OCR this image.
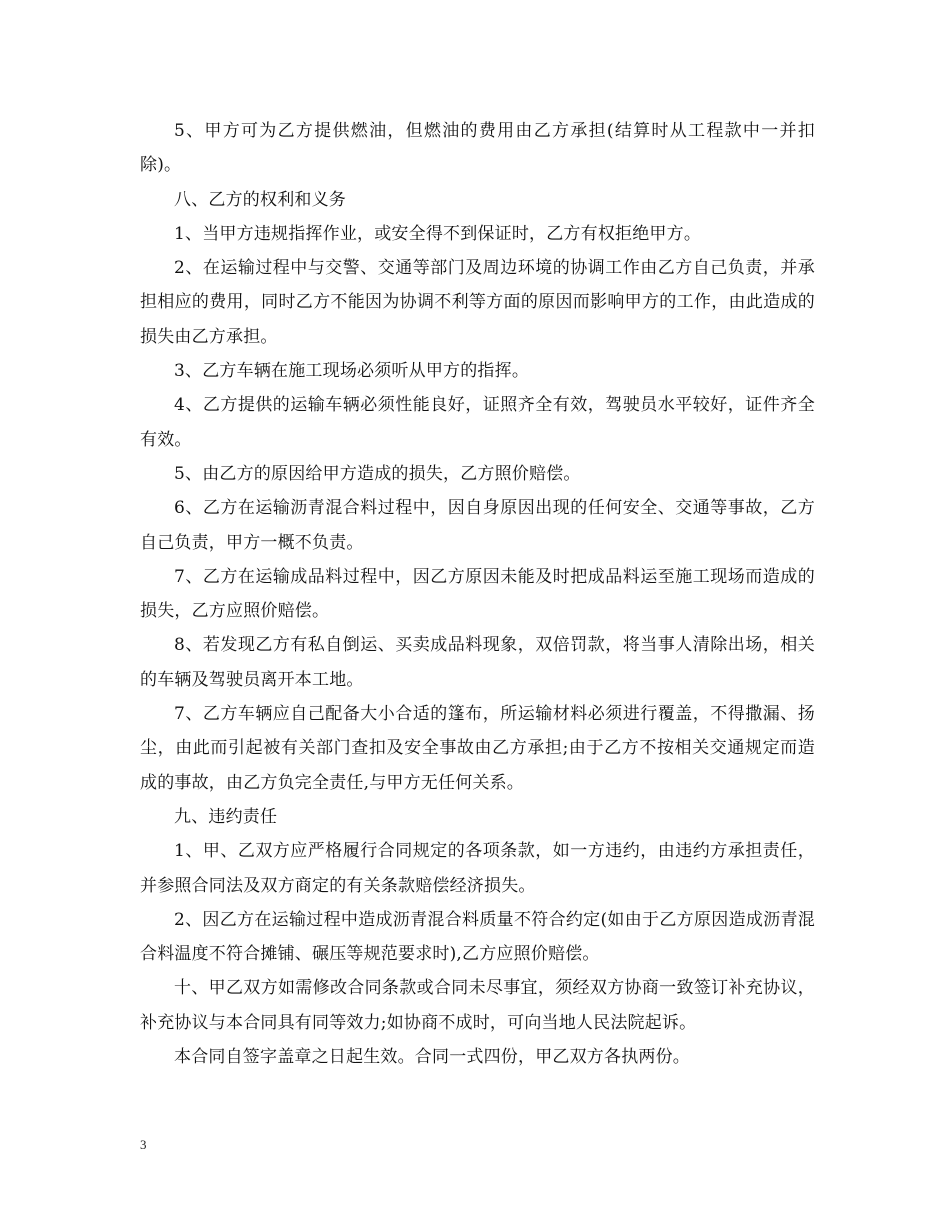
5、甲方可为乙方提供燃油，但燃油的费用由乙方承担(结算时从工程款中一并扣除)。

八、乙方的权利和义务

1、当甲方违规指挥作业，或安全得不到保证时，乙方有权拒绝甲方。

2、在运输过程中与交警、交通等部门及周边环境的协调工作由乙方自己负责，并承担相应的费用，同时乙方不能因为协调不利等方面的原因而影响甲方的工作，由此造成的损失由乙方承担。

3、乙方车辆在施工现场必须听从甲方的指挥。

4、乙方提供的运输车辆必须性能良好，证照齐全有效，驾驶员水平较好，证件齐全有效。

5、由乙方的原因给甲方造成的损失，乙方照价赔偿。

6、乙方在运输沥青混合料过程中，因自身原因出现的任何安全、交通等事故，乙方自己负责，甲方一概不负责。

7、乙方在运输成品料过程中，因乙方原因未能及时把成品料运至施工现场而造成的损失，乙方应照价赔偿。

8、若发现乙方有私自倒运、买卖成品料现象，双倍罚款，将当事人清除出场，相关的车辆及驾驶员离开本工地。

7、乙方车辆应自己配备大小合适的篷布，所运输材料必须进行覆盖，不得撒漏、扬尘，由此而引起被有关部门查扣及安全事故由乙方承担;由于乙方不按相关交通规定而造成的事故，由乙方负完全责任,与甲方无任何关系。

九、违约责任

1、甲、乙双方应严格履行合同规定的各项条款，如一方违约，由违约方承担责任，并参照合同法及双方商定的有关条款赔偿经济损失。

2、因乙方在运输过程中造成沥青混合料质量不符合约定(如由于乙方原因造成沥青混合料温度不符合摊铺、碾压等规范要求时),乙方应照价赔偿。

十、甲乙双方如需修改合同条款或合同未尽事宜，须经双方协商一致签订补充协议，补充协议与本合同具有同等效力;如协商不成时，可向当地人民法院起诉。

本合同自签字盖章之日起生效。合同一式四份，甲乙双方各执两份。

3
